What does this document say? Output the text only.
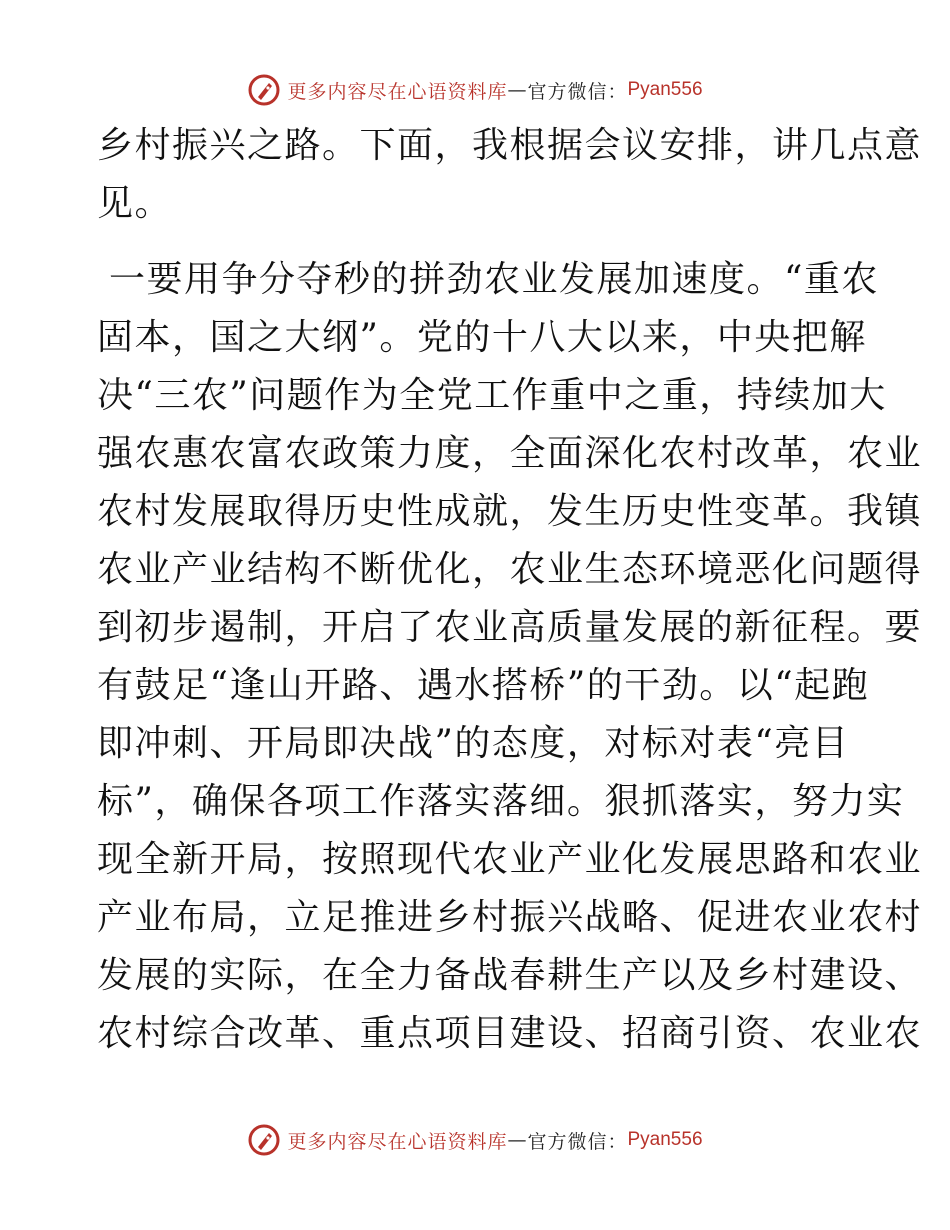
更多内容尽在心语资料库 — 官方微信： Pyan556
乡村振兴之路。下面，我根据会议安排，讲几点意
见。
一要用争分夺秒的拼劲农业发展加速度。“重农
固本，国之大纲”。党的十八大以来，中央把解
决“三农”问题作为全党工作重中之重，持续加大
强农惠农富农政策力度，全面深化农村改革，农业
农村发展取得历史性成就，发生历史性变革。我镇
农业产业结构不断优化，农业生态环境恶化问题得
到初步遏制，开启了农业高质量发展的新征程。要
有鼓足“逢山开路、遇水搭桥”的干劲。以“起跑
即冲刺、开局即决战”的态度，对标对表“亮目
标”，确保各项工作落实落细。狠抓落实，努力实
现全新开局，按照现代农业产业化发展思路和农业
产业布局，立足推进乡村振兴战略、促进农业农村
发展的实际，在全力备战春耕生产以及乡村建设、
农村综合改革、重点项目建设、招商引资、农业农
更多内容尽在心语资料库 — 官方微信： Pyan556
